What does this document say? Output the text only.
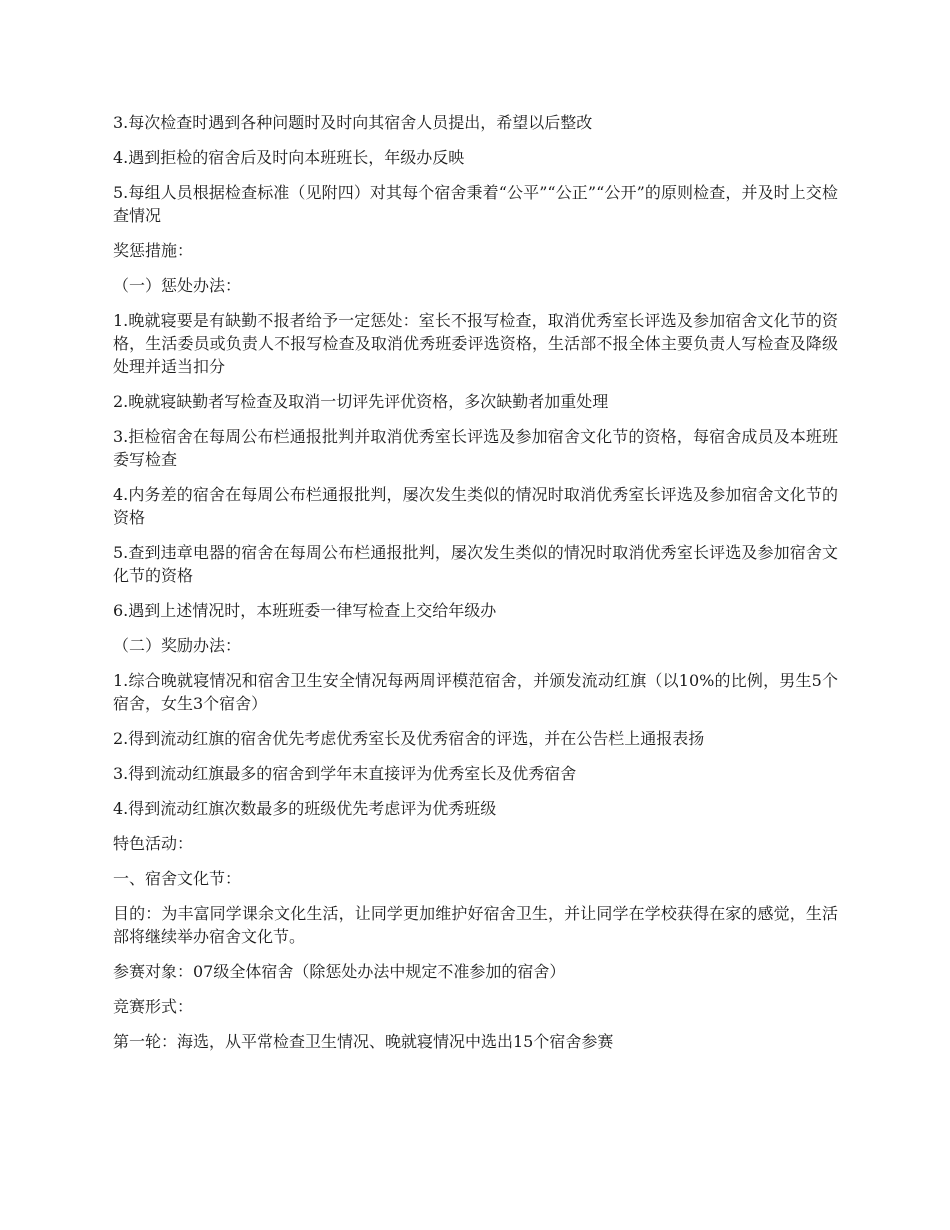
3.每次检查时遇到各种问题时及时向其宿舍人员提出，希望以后整改

4.遇到拒检的宿舍后及时向本班班长，年级办反映

5.每组人员根据检查标准（见附四）对其每个宿舍秉着“公平”“公正”“公开”的原则检查，并及时上交检查情况

奖惩措施：

（一）惩处办法：

1.晚就寝要是有缺勤不报者给予一定惩处：室长不报写检查，取消优秀室长评选及参加宿舍文化节的资格，生活委员或负责人不报写检查及取消优秀班委评选资格，生活部不报全体主要负责人写检查及降级处理并适当扣分

2.晚就寝缺勤者写检查及取消一切评先评优资格，多次缺勤者加重处理

3.拒检宿舍在每周公布栏通报批判并取消优秀室长评选及参加宿舍文化节的资格，每宿舍成员及本班班委写检查

4.内务差的宿舍在每周公布栏通报批判，屡次发生类似的情况时取消优秀室长评选及参加宿舍文化节的资格

5.查到违章电器的宿舍在每周公布栏通报批判，屡次发生类似的情况时取消优秀室长评选及参加宿舍文化节的资格

6.遇到上述情况时，本班班委一律写检查上交给年级办

（二）奖励办法：

1.综合晚就寝情况和宿舍卫生安全情况每两周评模范宿舍，并颁发流动红旗（以10%的比例，男生5个宿舍，女生3个宿舍）

2.得到流动红旗的宿舍优先考虑优秀室长及优秀宿舍的评选，并在公告栏上通报表扬

3.得到流动红旗最多的宿舍到学年末直接评为优秀室长及优秀宿舍

4.得到流动红旗次数最多的班级优先考虑评为优秀班级

特色活动：

一、宿舍文化节：

目的：为丰富同学课余文化生活，让同学更加维护好宿舍卫生，并让同学在学校获得在家的感觉，生活部将继续举办宿舍文化节。

参赛对象：07级全体宿舍（除惩处办法中规定不准参加的宿舍）

竞赛形式：

第一轮：海选，从平常检查卫生情况、晚就寝情况中选出15个宿舍参赛
